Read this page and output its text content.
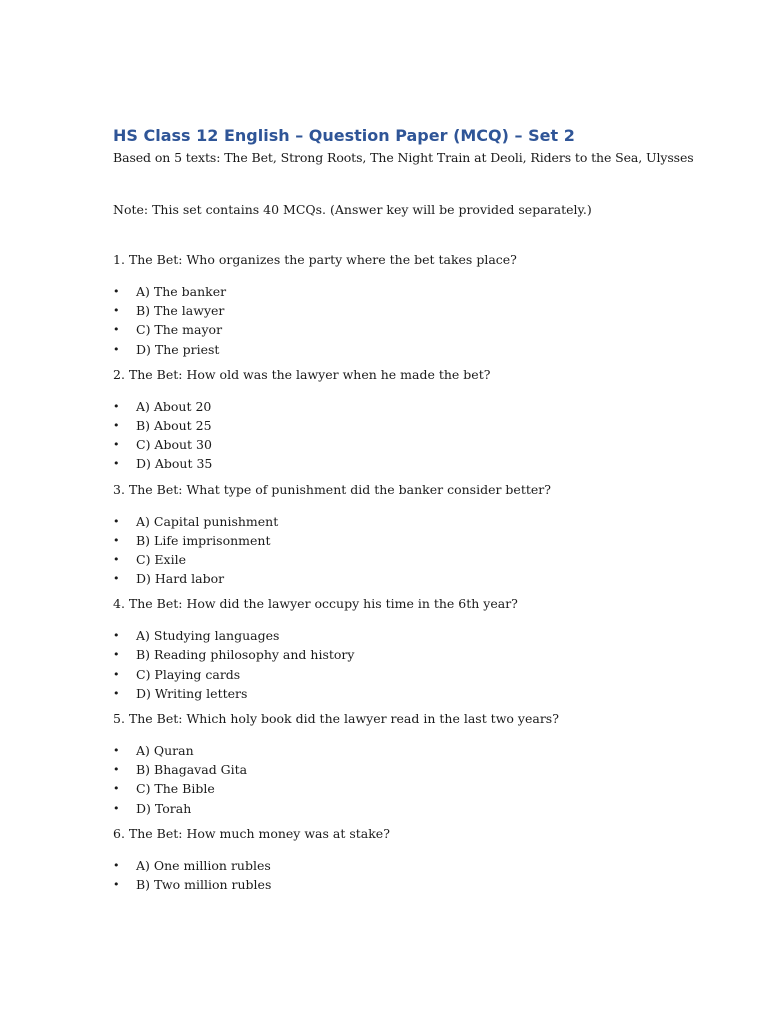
HS Class 12 English – Question Paper (MCQ) – Set 2

Based on 5 texts: The Bet, Strong Roots, The Night Train at Deoli, Riders to the Sea, Ulysses

Note: This set contains 40 MCQs. (Answer key will be provided separately.)

1. The Bet: Who organizes the party where the bet takes place?

• A) The banker
• B) The lawyer
• C) The mayor
• D) The priest

2. The Bet: How old was the lawyer when he made the bet?

• A) About 20
• B) About 25
• C) About 30
• D) About 35

3. The Bet: What type of punishment did the banker consider better?

• A) Capital punishment
• B) Life imprisonment
• C) Exile
• D) Hard labor

4. The Bet: How did the lawyer occupy his time in the 6th year?

• A) Studying languages
• B) Reading philosophy and history
• C) Playing cards
• D) Writing letters

5. The Bet: Which holy book did the lawyer read in the last two years?

• A) Quran
• B) Bhagavad Gita
• C) The Bible
• D) Torah

6. The Bet: How much money was at stake?

• A) One million rubles
• B) Two million rubles
